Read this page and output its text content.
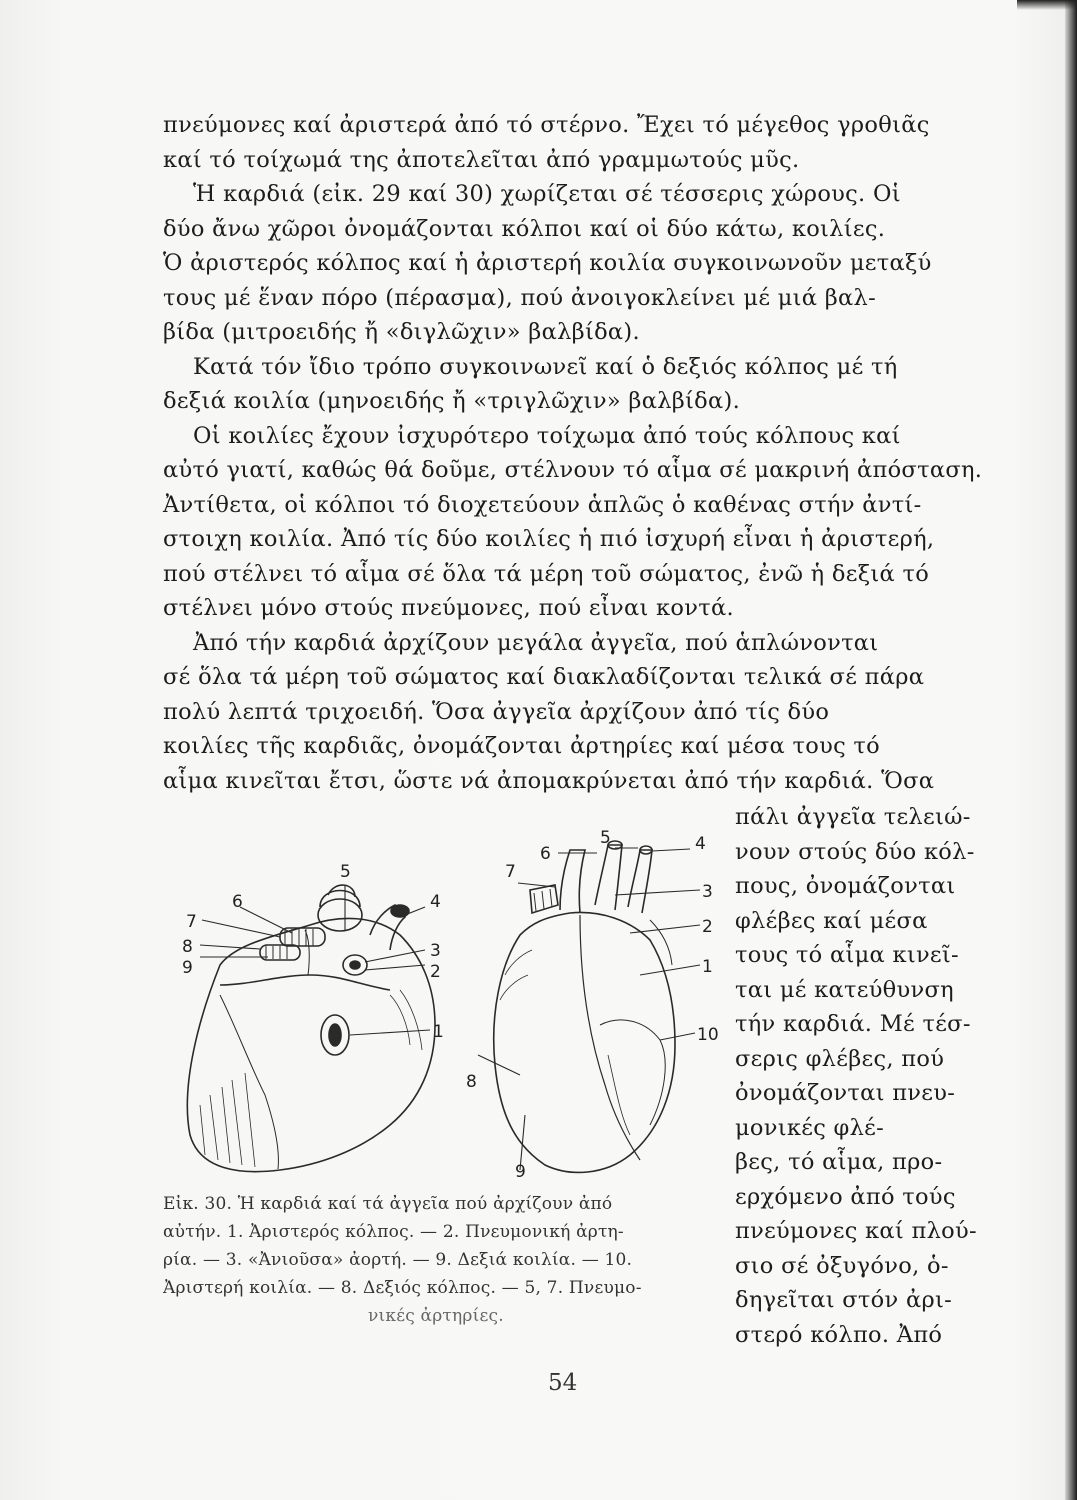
πνεύμονες καί ἀριστερά ἀπό τό στέρνο. Ἔχει τό μέγεθος γροθιᾶς
καί τό τοίχωμά της ἀποτελεῖται ἀπό γραμμωτούς μῦς.
Ἡ καρδιά (εἰκ. 29 καί 30) χωρίζεται σέ τέσσερις χώρους. Οἱ
δύο ἄνω χῶροι ὀνομάζονται κόλποι καί οἱ δύο κάτω, κοιλίες.
Ὁ ἀριστερός κόλπος καί ἡ ἀριστερή κοιλία συγκοινωνοῦν μεταξύ
τους μέ ἕναν πόρο (πέρασμα), πού ἀνοιγοκλείνει μέ μιά βαλ-
βίδα (μιτροειδής ἤ «διγλῶχιν» βαλβίδα).
Κατά τόν ἴδιο τρόπο συγκοινωνεῖ καί ὁ δεξιός κόλπος μέ τή
δεξιά κοιλία (μηνοειδής ἤ «τριγλῶχιν» βαλβίδα).
Οἱ κοιλίες ἔχουν ἰσχυρότερο τοίχωμα ἀπό τούς κόλπους καί
αὐτό γιατί, καθώς θά δοῦμε, στέλνουν τό αἷμα σέ μακρινή ἀπόσταση.
Ἀντίθετα, οἱ κόλποι τό διοχετεύουν ἁπλῶς ὁ καθένας στήν ἀντί-
στοιχη κοιλία. Ἀπό τίς δύο κοιλίες ἡ πιό ἰσχυρή εἶναι ἡ ἀριστερή,
πού στέλνει τό αἷμα σέ ὅλα τά μέρη τοῦ σώματος, ἐνῶ ἡ δεξιά τό
στέλνει μόνο στούς πνεύμονες, πού εἶναι κοντά.
Ἀπό τήν καρδιά ἀρχίζουν μεγάλα ἀγγεῖα, πού ἁπλώνονται
σέ ὅλα τά μέρη τοῦ σώματος καί διακλαδίζονται τελικά σέ πάρα
πολύ λεπτά τριχοειδή. Ὅσα ἀγγεῖα ἀρχίζουν ἀπό τίς δύο
κοιλίες τῆς καρδιᾶς, ὀνομάζονται ἀρτηρίες καί μέσα τους τό
αἷμα κινεῖται ἔτσι, ὥστε νά ἀπομακρύνεται ἀπό τήν καρδιά. Ὅσα
πάλι ἀγγεῖα τελειώ-
νουν στούς δύο κόλ-
πους, ὀνομάζονται
φλέβες καί μέσα
τους τό αἷμα κινεῖ-
ται μέ κατεύθυνση
τήν καρδιά. Μέ τέσ-
σερις φλέβες, πού
ὀνομάζονται πνευ-
μονικές φλέ-
βες, τό αἷμα, προ-
ερχόμενο ἀπό τούς
πνεύμονες καί πλού-
σιο σέ ὀξυγόνο, ὁ-
δηγεῖται στόν ἀρι-
στερό κόλπο. Ἀπό
5
6
7
8
9
4
3
2
1
6
5	4
7
3
2
1
10
8
9
Εἰκ. 30. Ἡ καρδιά καί τά ἀγγεῖα πού ἀρχίζουν ἀπό
αὐτήν. 1. Ἀριστερός κόλπος. — 2. Πνευμονική ἀρτη-
ρία. — 3. «Ἀνιοῦσα» ἀορτή. — 9. Δεξιά κοιλία. — 10.
Ἀριστερή κοιλία. — 8. Δεξιός κόλπος. — 5, 7. Πνευμο-
νικές ἀρτηρίες.
54
